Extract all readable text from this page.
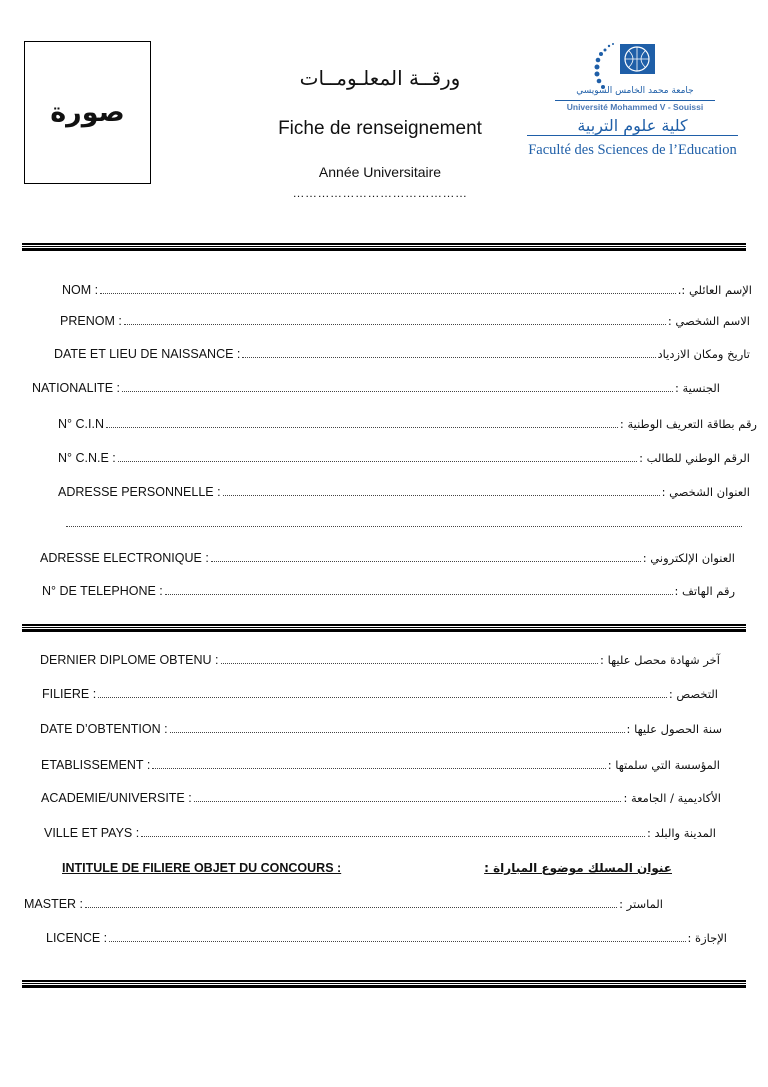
صورة
ورقــة المعلـومــات
Fiche de renseignement
Année Universitaire
……………………………………
جامعة محمد الخامس السويسي
Université Mohammed V - Souissi
كلية علوم التربية
Faculté des Sciences de l’Education
NOM :	الإسم العائلي :.
PRENOM :	الاسم الشخصي :
DATE ET LIEU DE NAISSANCE :	تاريخ ومكان الازدياد
NATIONALITE :	الجنسية :
N° C.I.N	رقم بطاقة التعريف الوطنية :
N° C.N.E :	الرقم الوطني للطالب :
ADRESSE PERSONNELLE :	العنوان الشخصي :
ADRESSE ELECTRONIQUE :	العنوان الإلكتروني :
N° DE TELEPHONE :	رقم الهاتف :
DERNIER DIPLOME OBTENU :	آخر شهادة محصل عليها :
FILIERE :	التخصص :
DATE D’OBTENTION :	سنة الحصول عليها :
ETABLISSEMENT :	المؤسسة التي سلمتها :
ACADEMIE/UNIVERSITE :	الأكاديمية / الجامعة :
VILLE ET PAYS :	المدينة والبلد :
INTITULE DE FILIERE OBJET DU CONCOURS :	عنوان المسلك موضوع المباراة :
MASTER :	الماستر :
LICENCE :	الإجازة :
